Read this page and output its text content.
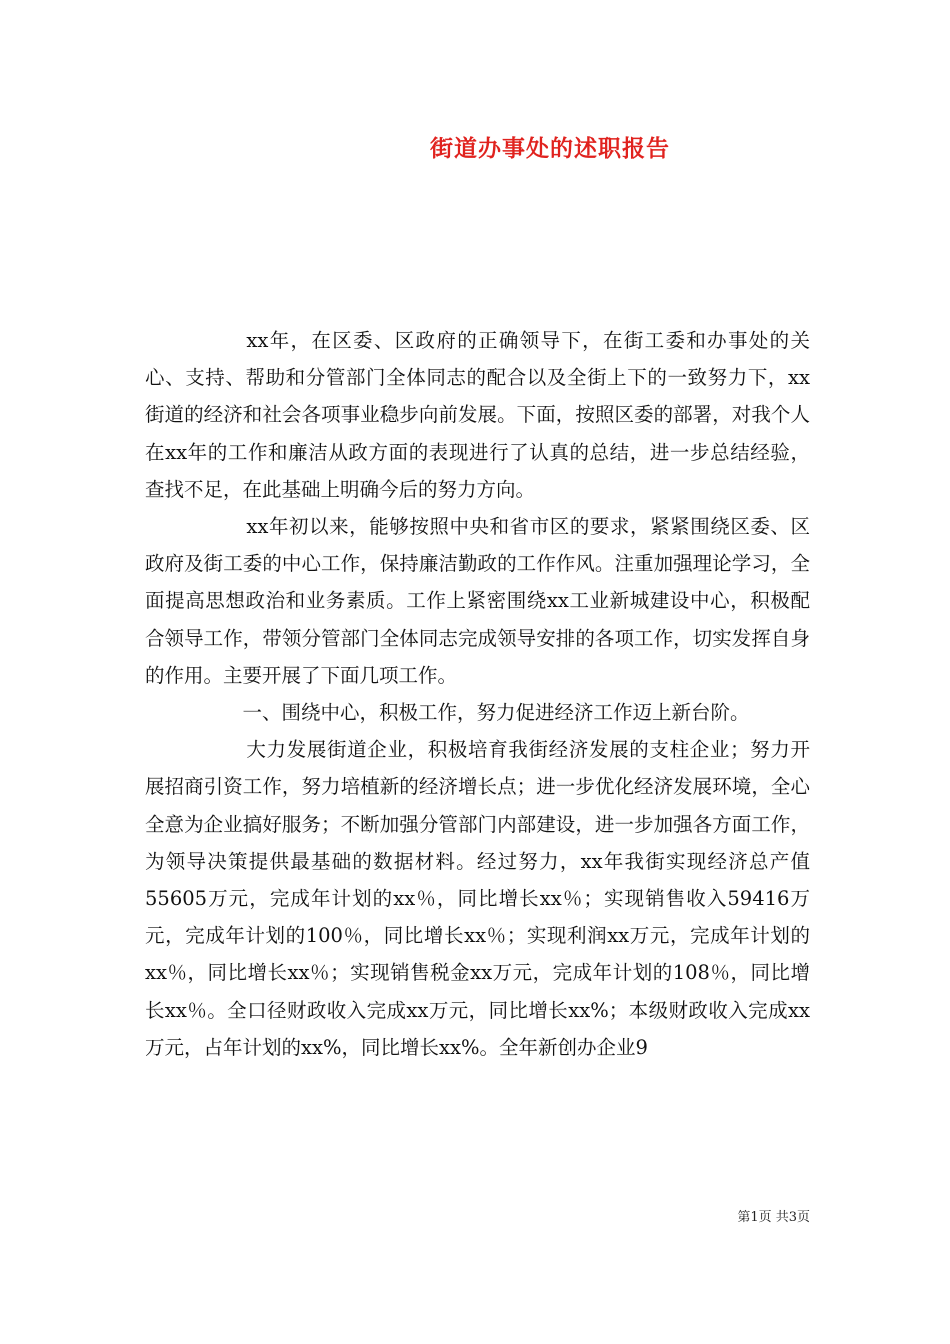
街道办事处的述职报告

xx年，在区委、区政府的正确领导下，在街工委和办事处的关心、支持、帮助和分管部门全体同志的配合以及全街上下的一致努力下，xx街道的经济和社会各项事业稳步向前发展。下面，按照区委的部署，对我个人在xx年的工作和廉洁从政方面的表现进行了认真的总结，进一步总结经验，查找不足，在此基础上明确今后的努力方向。

xx年初以来，能够按照中央和省市区的要求，紧紧围绕区委、区政府及街工委的中心工作，保持廉洁勤政的工作作风。注重加强理论学习，全面提高思想政治和业务素质。工作上紧密围绕xx工业新城建设中心，积极配合领导工作，带领分管部门全体同志完成领导安排的各项工作，切实发挥自身的作用。主要开展了下面几项工作。

一、围绕中心，积极工作，努力促进经济工作迈上新台阶。

大力发展街道企业，积极培育我街经济发展的支柱企业；努力开展招商引资工作，努力培植新的经济增长点；进一步优化经济发展环境，全心全意为企业搞好服务；不断加强分管部门内部建设，进一步加强各方面工作，为领导决策提供最基础的数据材料。经过努力，xx年我街实现经济总产值55605万元，完成年计划的xx％，同比增长xx％；实现销售收入59416万元，完成年计划的100％，同比增长xx％；实现利润xx万元，完成年计划的xx％，同比增长xx％；实现销售税金xx万元，完成年计划的108％，同比增长xx％。全口径财政收入完成xx万元，同比增长xx%；本级财政收入完成xx万元，占年计划的xx%，同比增长xx%。全年新创办企业9

第1页 共3页
